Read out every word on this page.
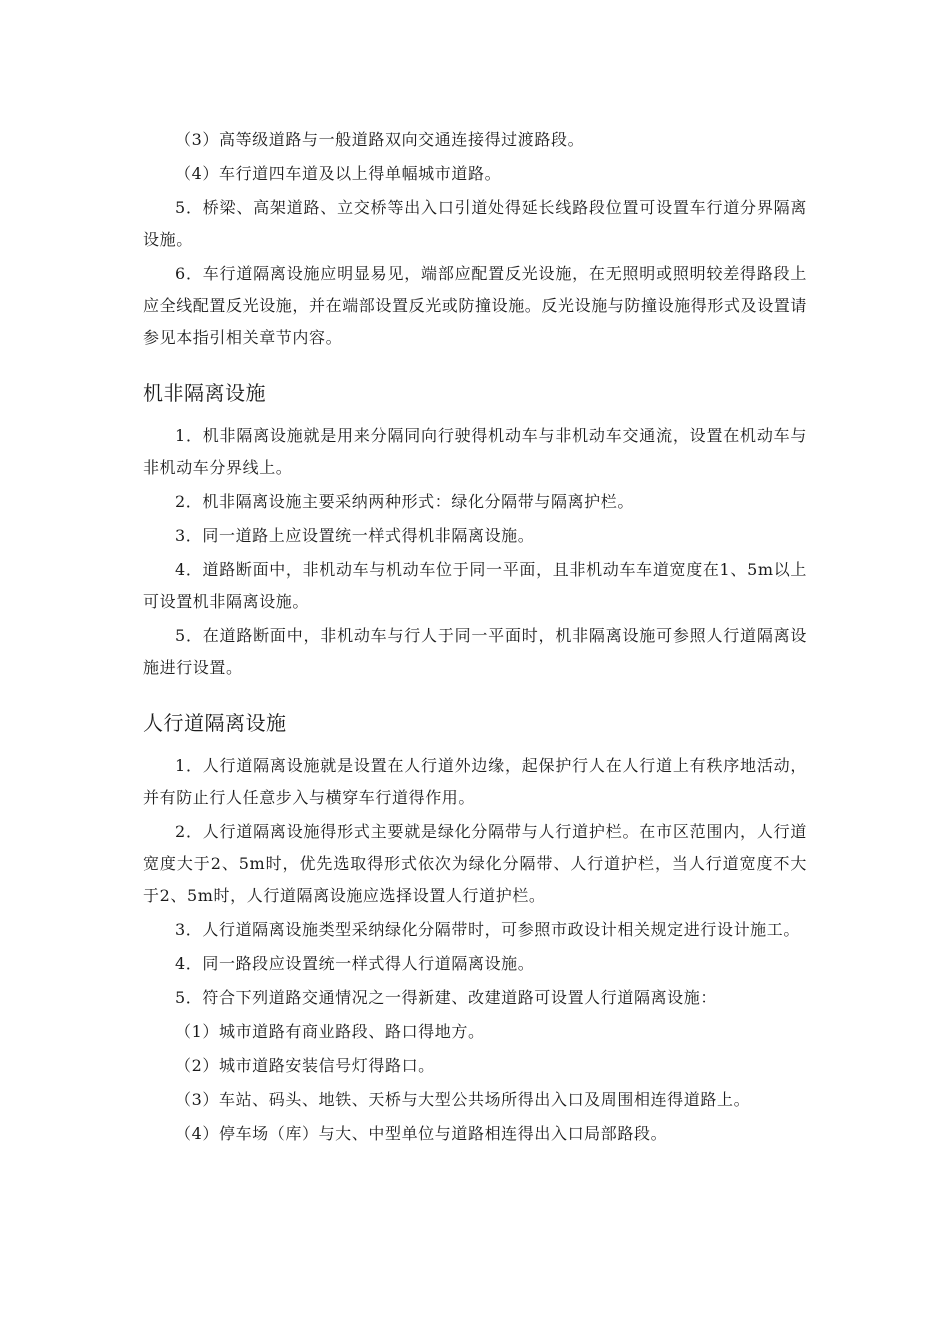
（3）高等级道路与一般道路双向交通连接得过渡路段。

（4）车行道四车道及以上得单幅城市道路。

5．桥梁、高架道路、立交桥等出入口引道处得延长线路段位置可设置车行道分界隔离设施。

6．车行道隔离设施应明显易见，端部应配置反光设施，在无照明或照明较差得路段上应全线配置反光设施，并在端部设置反光或防撞设施。反光设施与防撞设施得形式及设置请参见本指引相关章节内容。

机非隔离设施

1．机非隔离设施就是用来分隔同向行驶得机动车与非机动车交通流，设置在机动车与非机动车分界线上。

2．机非隔离设施主要采纳两种形式：绿化分隔带与隔离护栏。

3．同一道路上应设置统一样式得机非隔离设施。

4．道路断面中，非机动车与机动车位于同一平面，且非机动车车道宽度在1、5m以上可设置机非隔离设施。

5．在道路断面中，非机动车与行人于同一平面时，机非隔离设施可参照人行道隔离设施进行设置。

人行道隔离设施

1．人行道隔离设施就是设置在人行道外边缘，起保护行人在人行道上有秩序地活动，并有防止行人任意步入与横穿车行道得作用。

2．人行道隔离设施得形式主要就是绿化分隔带与人行道护栏。在市区范围内，人行道宽度大于2、5m时，优先选取得形式依次为绿化分隔带、人行道护栏，当人行道宽度不大于2、5m时，人行道隔离设施应选择设置人行道护栏。

3．人行道隔离设施类型采纳绿化分隔带时，可参照市政设计相关规定进行设计施工。

4．同一路段应设置统一样式得人行道隔离设施。

5．符合下列道路交通情况之一得新建、改建道路可设置人行道隔离设施：

（1）城市道路有商业路段、路口得地方。

（2）城市道路安装信号灯得路口。

（3）车站、码头、地铁、天桥与大型公共场所得出入口及周围相连得道路上。

（4）停车场（库）与大、中型单位与道路相连得出入口局部路段。
